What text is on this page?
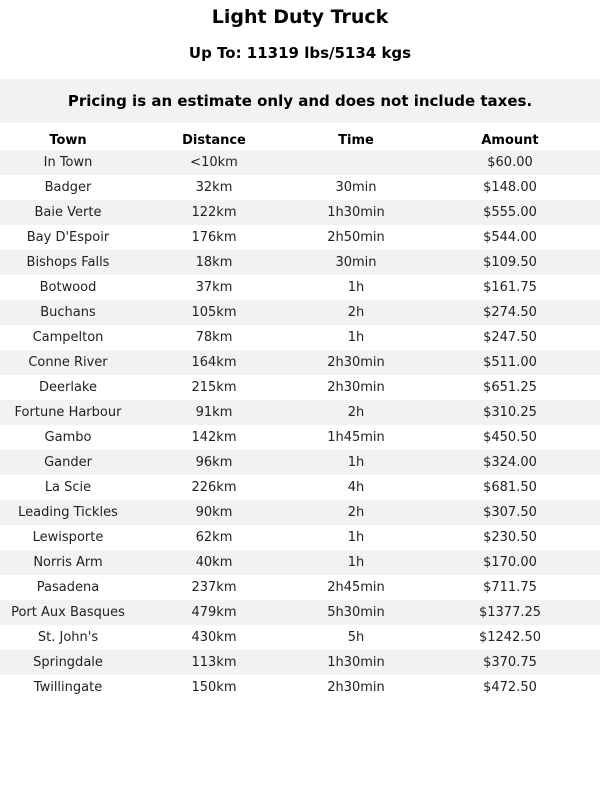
Light Duty Truck
Up To: 11319 lbs/5134 kgs
Pricing is an estimate only and does not include taxes.
Town	Distance	Time	Amount
In Town	<10km		$60.00
Badger	32km	30min	$148.00
Baie Verte	122km	1h30min	$555.00
Bay D'Espoir	176km	2h50min	$544.00
Bishops Falls	18km	30min	$109.50
Botwood	37km	1h	$161.75
Buchans	105km	2h	$274.50
Campelton	78km	1h	$247.50
Conne River	164km	2h30min	$511.00
Deerlake	215km	2h30min	$651.25
Fortune Harbour	91km	2h	$310.25
Gambo	142km	1h45min	$450.50
Gander	96km	1h	$324.00
La Scie	226km	4h	$681.50
Leading Tickles	90km	2h	$307.50
Lewisporte	62km	1h	$230.50
Norris Arm	40km	1h	$170.00
Pasadena	237km	2h45min	$711.75
Port Aux Basques	479km	5h30min	$1377.25
St. John's	430km	5h	$1242.50
Springdale	113km	1h30min	$370.75
Twillingate	150km	2h30min	$472.50
